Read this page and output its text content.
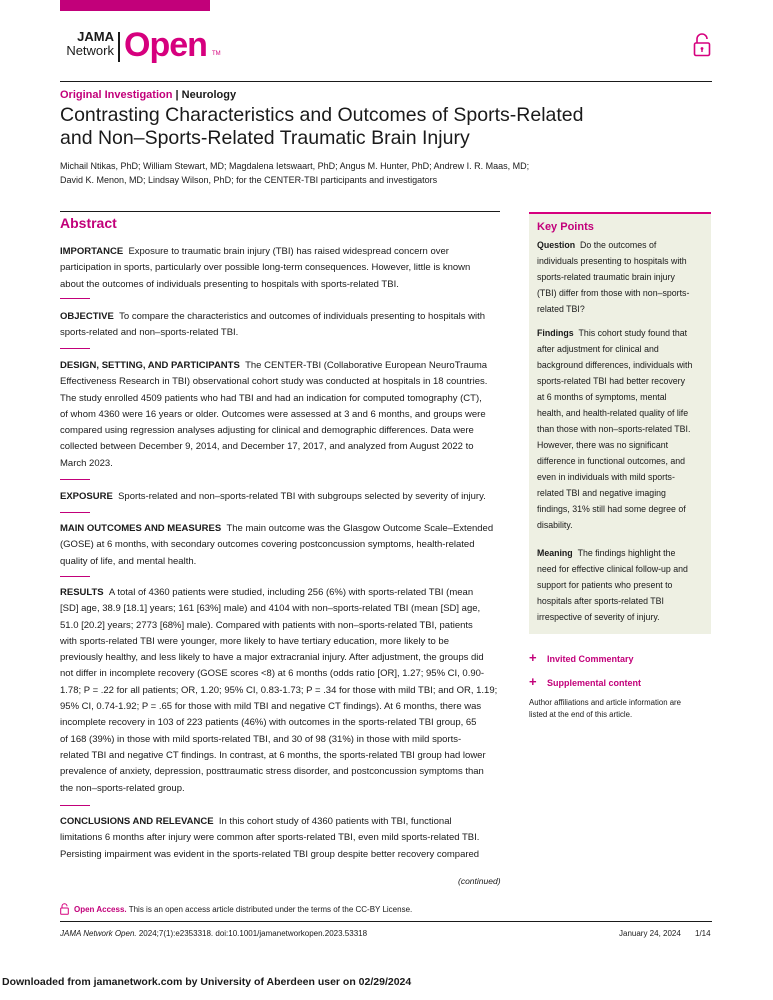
JAMA
Network Open TM
Original Investigation | Neurology
Contrasting Characteristics and Outcomes of Sports-Related
and Non–Sports-Related Traumatic Brain Injury
Michail Ntikas, PhD; William Stewart, MD; Magdalena Ietswaart, PhD; Angus M. Hunter, PhD; Andrew I. R. Maas, MD;
David K. Menon, MD; Lindsay Wilson, PhD; for the CENTER-TBI participants and investigators
Abstract
IMPORTANCE Exposure to traumatic brain injury (TBI) has raised widespread concern over
participation in sports, particularly over possible long-term consequences. However, little is known
about the outcomes of individuals presenting to hospitals with sports-related TBI.
OBJECTIVE To compare the characteristics and outcomes of individuals presenting to hospitals with
sports-related and non–sports-related TBI.
DESIGN, SETTING, AND PARTICIPANTS The CENTER-TBI (Collaborative European NeuroTrauma
Effectiveness Research in TBI) observational cohort study was conducted at hospitals in 18 countries.
The study enrolled 4509 patients who had TBI and had an indication for computed tomography (CT),
of whom 4360 were 16 years or older. Outcomes were assessed at 3 and 6 months, and groups were
compared using regression analyses adjusting for clinical and demographic differences. Data were
collected between December 9, 2014, and December 17, 2017, and analyzed from August 2022 to
March 2023.
EXPOSURE Sports-related and non–sports-related TBI with subgroups selected by severity of injury.
MAIN OUTCOMES AND MEASURES The main outcome was the Glasgow Outcome Scale–Extended
(GOSE) at 6 months, with secondary outcomes covering postconcussion symptoms, health-related
quality of life, and mental health.
RESULTS A total of 4360 patients were studied, including 256 (6%) with sports-related TBI (mean
[SD] age, 38.9 [18.1] years; 161 [63%] male) and 4104 with non–sports-related TBI (mean [SD] age,
51.0 [20.2] years; 2773 [68%] male). Compared with patients with non–sports-related TBI, patients
with sports-related TBI were younger, more likely to have tertiary education, more likely to be
previously healthy, and less likely to have a major extracranial injury. After adjustment, the groups did
not differ in incomplete recovery (GOSE scores <8) at 6 months (odds ratio [OR], 1.27; 95% CI, 0.90-
1.78; P = .22 for all patients; OR, 1.20; 95% CI, 0.83-1.73; P = .34 for those with mild TBI; and OR, 1.19;
95% CI, 0.74-1.92; P = .65 for those with mild TBI and negative CT findings). At 6 months, there was
incomplete recovery in 103 of 223 patients (46%) with outcomes in the sports-related TBI group, 65
of 168 (39%) in those with mild sports-related TBI, and 30 of 98 (31%) in those with mild sports-
related TBI and negative CT findings. In contrast, at 6 months, the sports-related TBI group had lower
prevalence of anxiety, depression, posttraumatic stress disorder, and postconcussion symptoms than
the non–sports-related group.
CONCLUSIONS AND RELEVANCE In this cohort study of 4360 patients with TBI, functional
limitations 6 months after injury were common after sports-related TBI, even mild sports-related TBI.
Persisting impairment was evident in the sports-related TBI group despite better recovery compared
(continued)
Key Points
Question Do the outcomes of
individuals presenting to hospitals with
sports-related traumatic brain injury
(TBI) differ from those with non–sports-
related TBI?
Findings This cohort study found that
after adjustment for clinical and
background differences, individuals with
sports-related TBI had better recovery
at 6 months of symptoms, mental
health, and health-related quality of life
than those with non–sports-related TBI.
However, there was no significant
difference in functional outcomes, and
even in individuals with mild sports-
related TBI and negative imaging
findings, 31% still had some degree of
disability.
Meaning The findings highlight the
need for effective clinical follow-up and
support for patients who present to
hospitals after sports-related TBI
irrespective of severity of injury.
+ Invited Commentary
+ Supplemental content
Author affiliations and article information are
listed at the end of this article.
Open Access. This is an open access article distributed under the terms of the CC-BY License.
JAMA Network Open. 2024;7(1):e2353318. doi:10.1001/jamanetworkopen.2023.53318	January 24, 2024 1/14
Downloaded from jamanetwork.com by University of Aberdeen user on 02/29/2024
